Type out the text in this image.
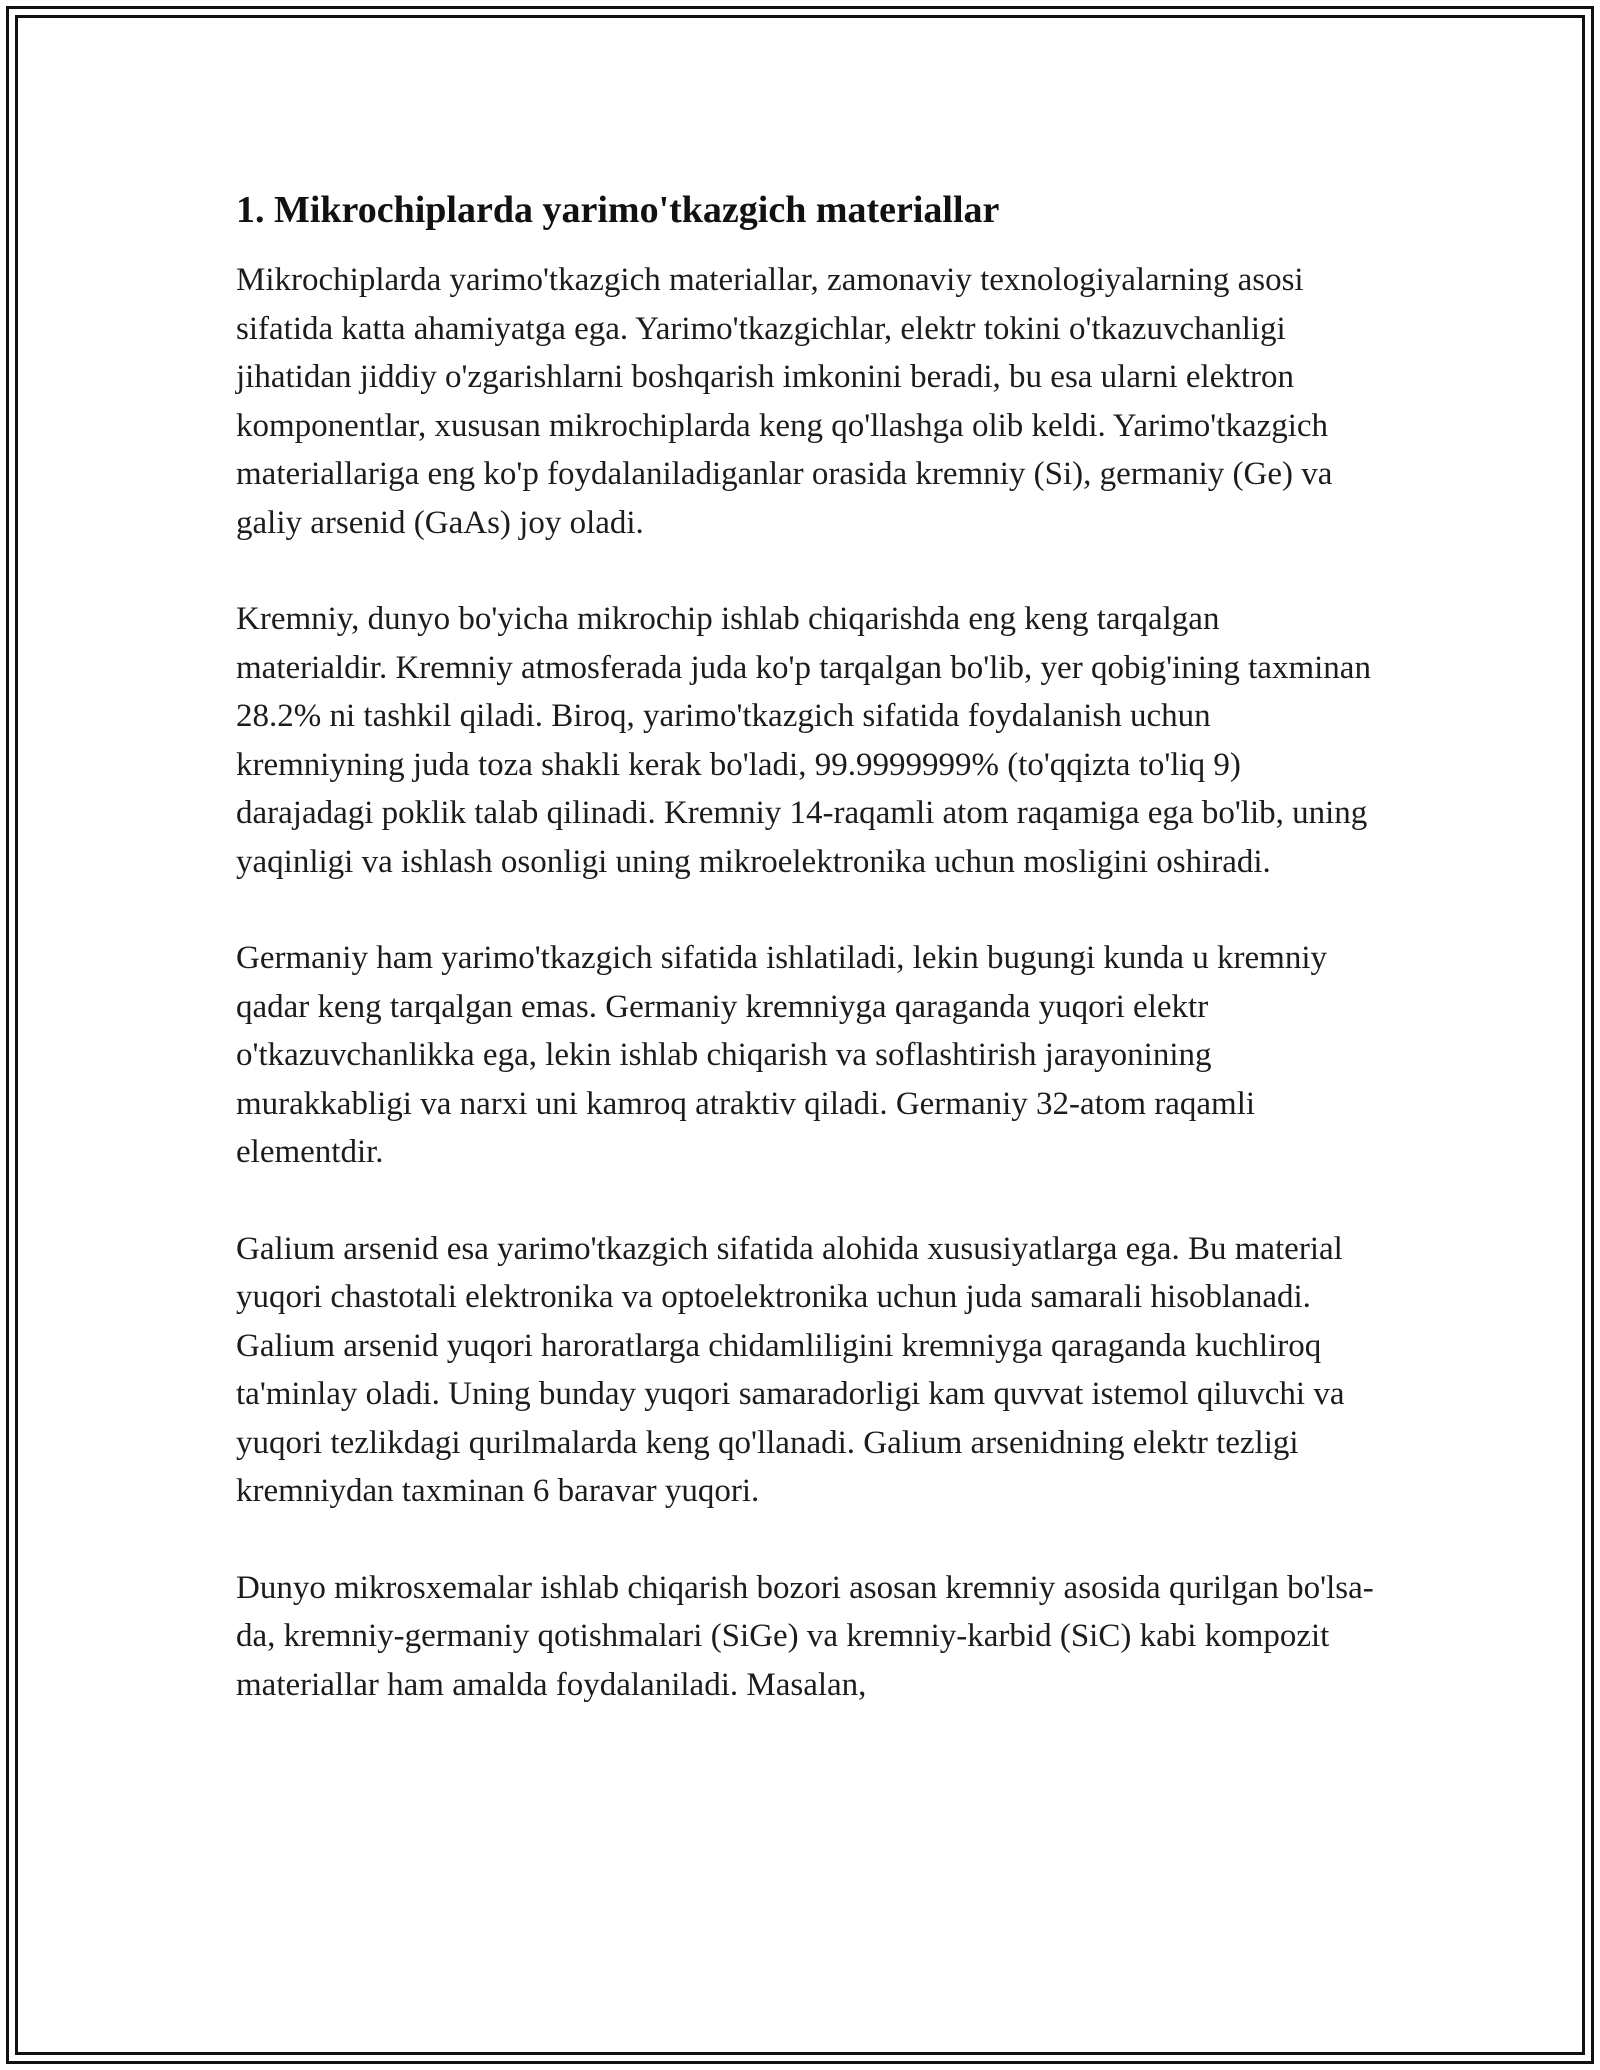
1. Mikrochiplarda yarimo'tkazgich materiallar

Mikrochiplarda yarimo'tkazgich materiallar, zamonaviy texnologiyalarning asosi sifatida katta ahamiyatga ega. Yarimo'tkazgichlar, elektr tokini o'tkazuvchanligi jihatidan jiddiy o'zgarishlarni boshqarish imkonini beradi, bu esa ularni elektron komponentlar, xususan mikrochiplarda keng qo'llashga olib keldi. Yarimo'tkazgich materiallariga eng ko'p foydalaniladiganlar orasida kremniy (Si), germaniy (Ge) va galiy arsenid (GaAs) joy oladi.

Kremniy, dunyo bo'yicha mikrochip ishlab chiqarishda eng keng tarqalgan materialdir. Kremniy atmosferada juda ko'p tarqalgan bo'lib, yer qobig'ining taxminan 28.2% ni tashkil qiladi. Biroq, yarimo'tkazgich sifatida foydalanish uchun kremniyning juda toza shakli kerak bo'ladi, 99.9999999% (to'qqizta to'liq 9) darajadagi poklik talab qilinadi. Kremniy 14-raqamli atom raqamiga ega bo'lib, uning yaqinligi va ishlash osonligi uning mikroelektronika uchun mosligini oshiradi.

Germaniy ham yarimo'tkazgich sifatida ishlatiladi, lekin bugungi kunda u kremniy qadar keng tarqalgan emas. Germaniy kremniyga qaraganda yuqori elektr o'tkazuvchanlikka ega, lekin ishlab chiqarish va soflashtirish jarayonining murakkabligi va narxi uni kamroq atraktiv qiladi. Germaniy 32-atom raqamli elementdir.

Galium arsenid esa yarimo'tkazgich sifatida alohida xususiyatlarga ega. Bu material yuqori chastotali elektronika va optoelektronika uchun juda samarali hisoblanadi. Galium arsenid yuqori haroratlarga chidamliligini kremniyga qaraganda kuchliroq ta'minlay oladi. Uning bunday yuqori samaradorligi kam quvvat istemol qiluvchi va yuqori tezlikdagi qurilmalarda keng qo'llanadi. Galium arsenidning elektr tezligi kremniydan taxminan 6 baravar yuqori.

Dunyo mikrosxemalar ishlab chiqarish bozori asosan kremniy asosida qurilgan bo'lsa-da, kremniy-germaniy qotishmalari (SiGe) va kremniy-karbid (SiC) kabi kompozit materiallar ham amalda foydalaniladi. Masalan,
